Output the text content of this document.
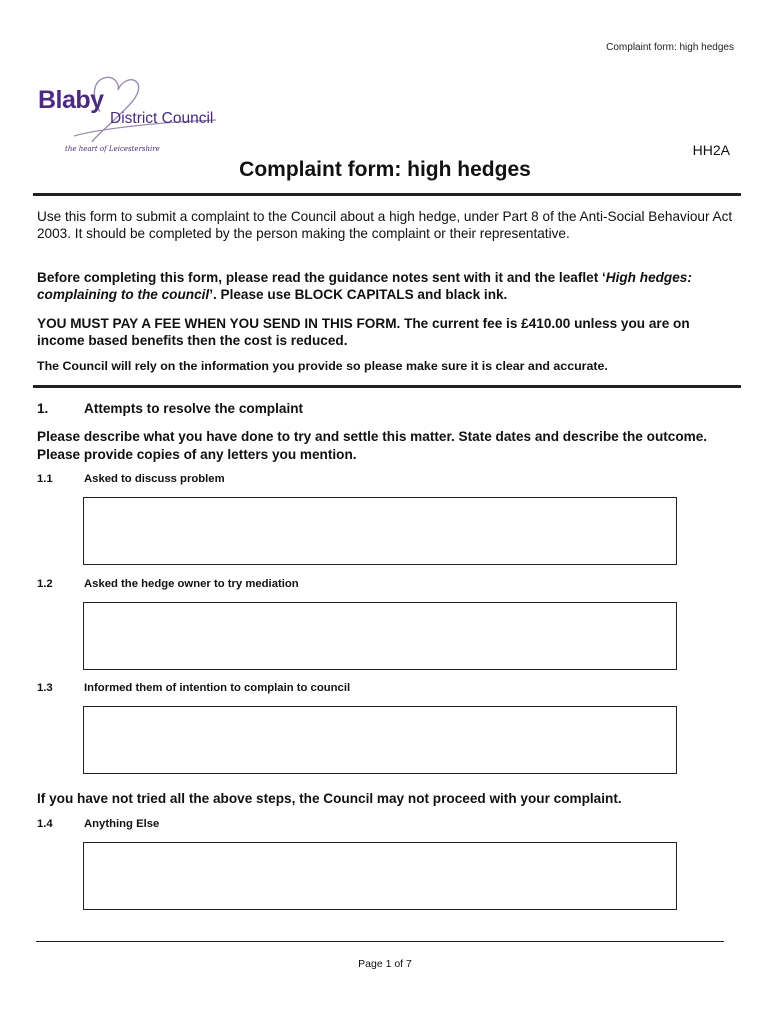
Complaint form: high hedges
Blaby
District Council
the heart of Leicestershire	HH2A
Complaint form: high hedges
Use this form to submit a complaint to the Council about a high hedge, under Part 8 of the Anti-Social Behaviour Act 2003. It should be completed by the person making the complaint or their representative.
Before completing this form, please read the guidance notes sent with it and the leaflet ‘High hedges: complaining to the council’. Please use BLOCK CAPITALS and black ink.
YOU MUST PAY A FEE WHEN YOU SEND IN THIS FORM. The current fee is £410.00 unless you are on income based benefits then the cost is reduced.
The Council will rely on the information you provide so please make sure it is clear and accurate.
1.	Attempts to resolve the complaint
Please describe what you have done to try and settle this matter. State dates and describe the outcome. Please provide copies of any letters you mention.
1.1	Asked to discuss problem
1.2	Asked the hedge owner to try mediation
1.3	Informed them of intention to complain to council
If you have not tried all the above steps, the Council may not proceed with your complaint.
1.4	Anything Else
Page 1 of 7
